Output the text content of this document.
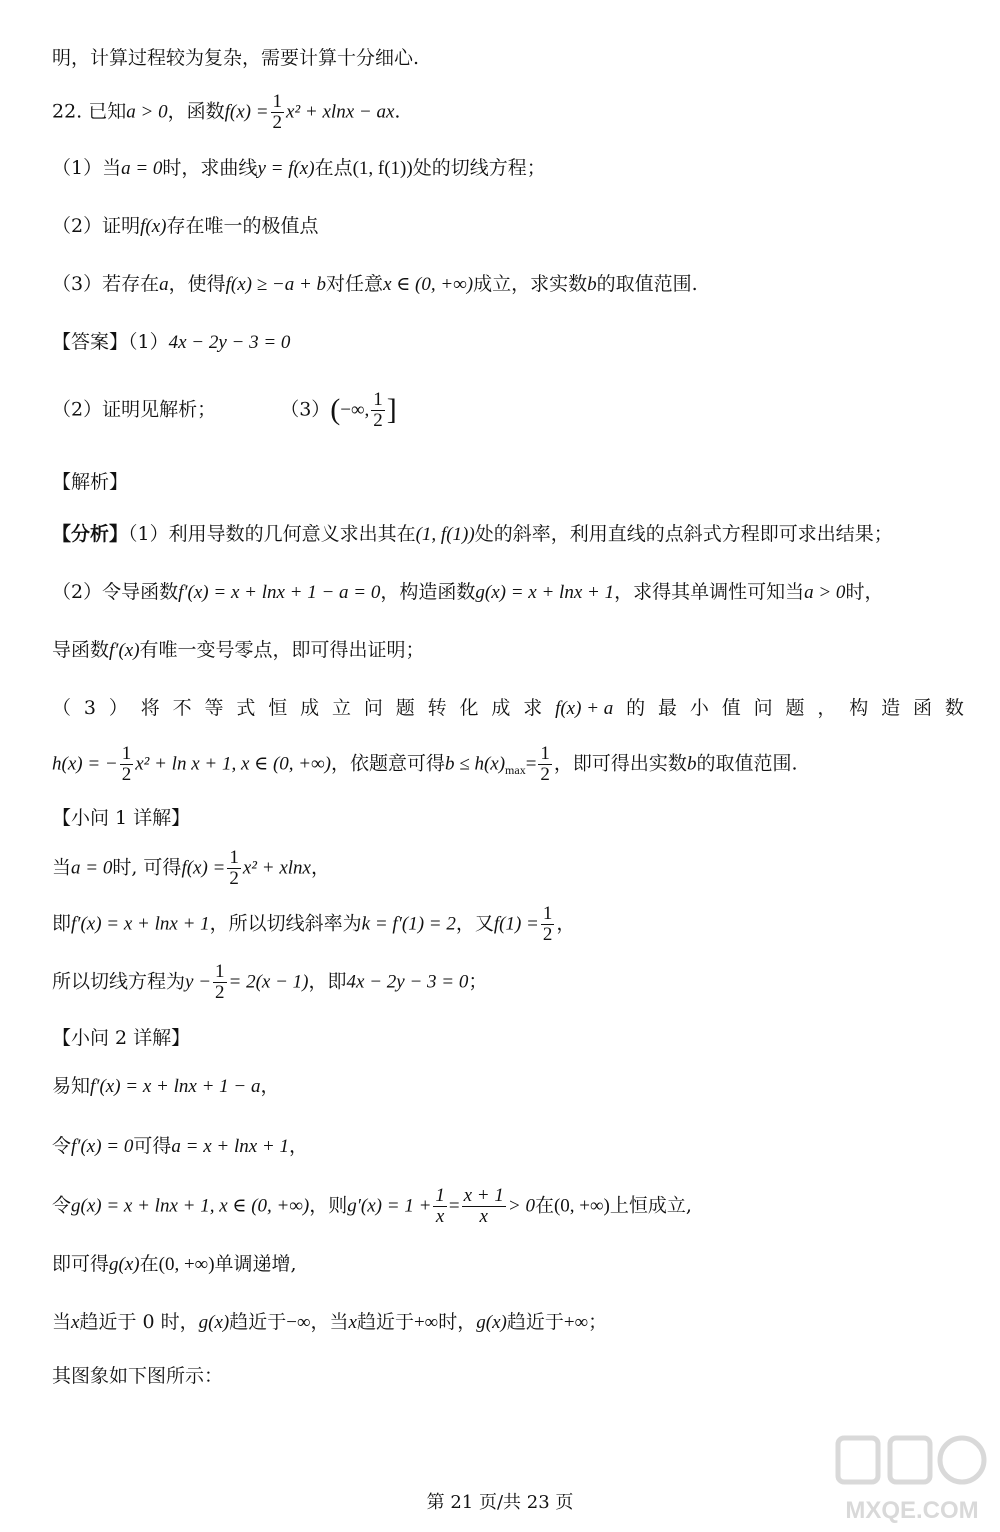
明，计算过程较为复杂，需要计算十分细心.
22. 已知a > 0，函数$f(x) = \frac{1}{2} x^2 + xlnx$ − ax.
（1）当a = 0时，求曲线y = f(x)在点(1, f(1))处的切线方程；
（2）证明f(x)存在唯一的极值点
（3）若存在a，使得f(x) ≥ −a + b对任意x ∈ (0, +∞)成立，求实数b的取值范围.
【答案】（1）4x − 2y − 3 = 0
（2）证明见解析；	（3）(−∞, $\frac{1}{2}$ ]
【解析】
【分析】（1）利用导数的几何意义求出其在(1, f(1))处的斜率，利用直线的点斜式方程即可求出结果；
（2）令导函数f′(x) = x + lnx + 1 − a = 0，构造函数g(x) = x + lnx + 1，求得其单调性可知当a > 0时，
导函数f′(x)有唯一变号零点，即可得出证明；
（ 3 ） 将 不 等 式 恒 成 立 问 题 转 化 成 求 f(x) + a 的 最 小 值 问 题 ， 构 造 函 数
h(x) = − $\frac{1}{2} x^2 + \ln x + 1$, x ∈ (0, +∞)，依题意可得$b \le h(x)_{max}= \frac{1}{2}$ ，即可得出实数b的取值范围.
【小问 1 详解】
当a = 0时, 可得$f(x) = \frac{1}{2} x^2 + xlnx$，
即f′(x) = x + lnx + 1，所以切线斜率为k = f′(1) = 2，又$f(1) = \frac{1}{2}$ ，
所以切线方程为$y - \frac{1}{2} = 2(x - 1)$，即4x − 2y − 3 = 0；
【小问 2 详解】
易知f′(x) = x + lnx + 1 − a，
令f′(x) = 0可得a = x + lnx + 1，
令g(x) = x + lnx + 1, x ∈ (0, +∞)，则$g'(x) = 1 + \frac{1}{x} = \frac{x + 1}{x} > 0$在(0, +∞)上恒成立,
即可得g(x)在(0, +∞)单调递增,
当x趋近于 0 时，g(x)趋近于−∞，当x趋近于+∞时，g(x)趋近于+∞；
其图象如下图所示：
第 21 页/共 23 页	MXQE.COM
